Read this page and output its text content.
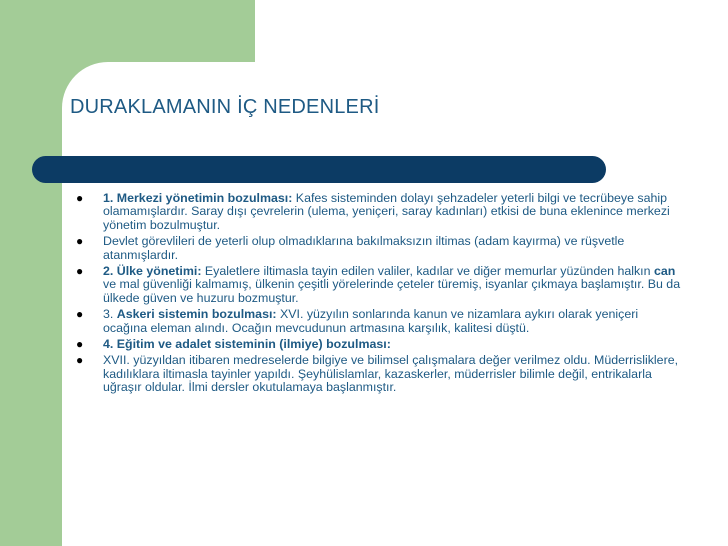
DURAKLAMANIN İÇ NEDENLERİ
● 1. Merkezi yönetimin bozulması: Kafes sisteminden dolayı şehzadeler yeterli bilgi ve tecrübeye sahip olamamışlardır. Saray dışı çevrelerin (ulema, yeniçeri, saray kadınları) etkisi de buna eklenince merkezi yönetim bozulmuştur.
● Devlet görevlileri de yeterli olup olmadıklarına bakılmaksızın iltimas (adam kayırma) ve rüşvetle atanmışlardır.
● 2. Ülke yönetimi: Eyaletlere iltimasla tayin edilen valiler, kadılar ve diğer memurlar yüzünden halkın can ve mal güvenliği kalmamış, ülkenin çeşitli yörelerinde çeteler türemiş, isyanlar çıkmaya başlamıştır. Bu da ülkede güven ve huzuru bozmuştur.
● 3. Askeri sistemin bozulması: XVI. yüzyılın sonlarında kanun ve nizamlara aykırı olarak yeniçeri ocağına eleman alındı. Ocağın mevcudunun artmasına karşılık, kalitesi düştü.
● 4. Eğitim ve adalet sisteminin (ilmiye) bozulması:
● XVII. yüzyıldan itibaren medreselerde bilgiye ve bilimsel çalışmalara değer verilmez oldu. Müderrisliklere, kadılıklara iltimasla tayinler yapıldı. Şeyhülislamlar, kazaskerler, müderrisler bilimle değil, entrikalarla uğraşır oldular. İlmi dersler okutulamaya başlanmıştır.
